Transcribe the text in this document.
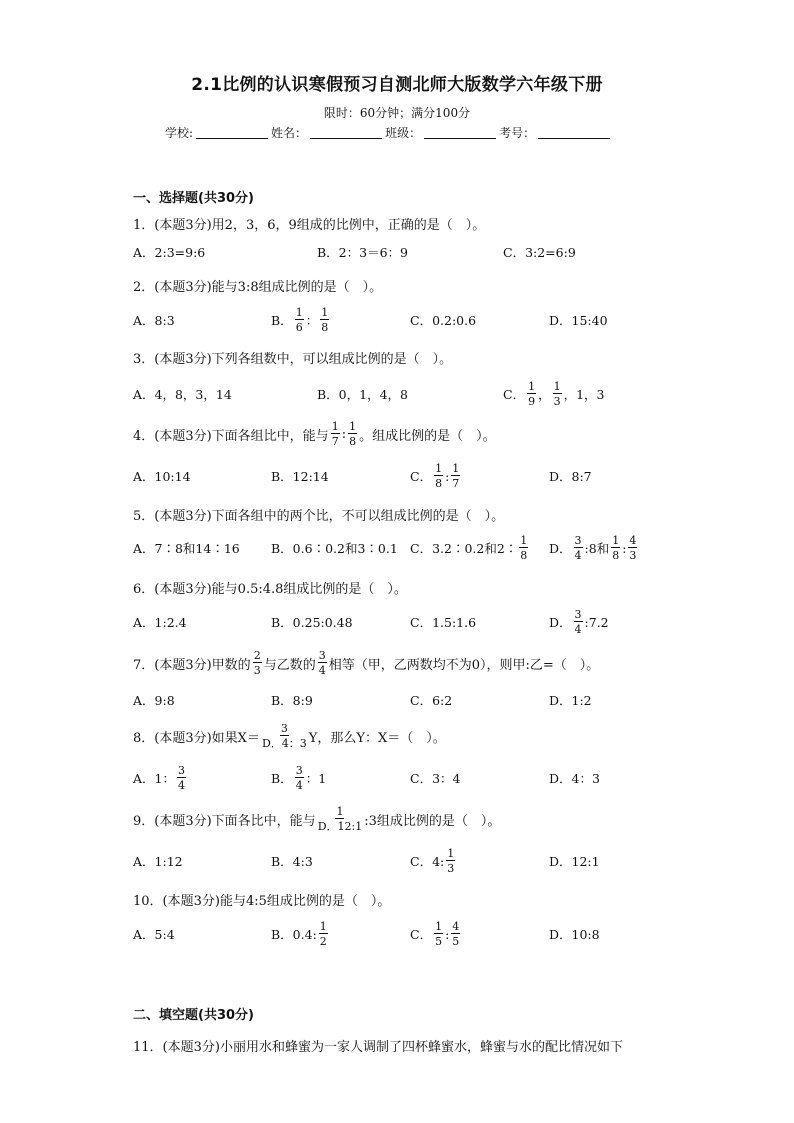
2.1比例的认识寒假预习自测北师大版数学六年级下册
限时：60分钟；满分100分
学校:	姓名：	班级：	考号：
一、选择题(共30分)
1．(本题3分)用2，3，6，9组成的比例中，正确的是（　）。
A．2:3=9:6	B．2：3＝6：9	C．3:2=6:9
2．(本题3分)能与3:8组成比例的是（　）。
A．8:3	B． $\frac{1}{6}$ ： $\frac{1}{8}$	C．0.2:0.6	D．15:40
3．(本题3分)下列各组数中，可以组成比例的是（　）。
A．4，8，3，14	B．0，1，4，8	C． $\frac{1}{9}$ ， $\frac{1}{3}$ ，1，3
4．(本题3分)下面各组比中，能与 $\frac{1}{7}$ : $\frac{1}{8}$ 。组成比例的是（　）。
A．10:14	B．12:14	C． $\frac{1}{8}$ : $\frac{1}{7}$	D．8:7
5．(本题3分)下面各组中的两个比，不可以组成比例的是（　）。
A．7∶8和14∶16	B．0.6∶0.2和3∶0.1 C．3.2∶0.2和2∶ $\frac{1}{8}$ D． $\frac{3}{4}$ :8和 $\frac{1}{8}$ : $\frac{4}{3}$
6．(本题3分)能与0.5:4.8组成比例的是（　）。
A．1:2.4	B．0.25:0.48	C．1.5:1.6	D． $\frac{3}{4}$ :7.2
7．(本题3分)甲数的 $\frac{2}{3}$ 与乙数的 $\frac{3}{4}$ 相等（甲，乙两数均不为0），则甲:乙=（　）。
A．9:8	B．8:9	C．6:2	D．1:2
8．(本题3分)如果$X= \frac{3}{D.4:3}$ Y，那么Y：X＝（　）。
A．1： $\frac{3}{4}$	B． $\frac{3}{4}$ ：1	C．3：4	D．4：3
9．(本题3分)下面各比中，能与 $\frac{1}{D.12:1}$ :3组成比例的是（　）。
A．1:12	B．4:3	C．4: $\frac{1}{3}$	D．12:1
10．(本题3分)能与4:5组成比例的是（　）。
A．5:4	B．0.4: $\frac{1}{2}$	C． $\frac{1}{5}$ : $\frac{4}{5}$	D．10:8
二、填空题(共30分)
11．(本题3分)小丽用水和蜂蜜为一家人调制了四杯蜂蜜水，蜂蜜与水的配比情况如下
